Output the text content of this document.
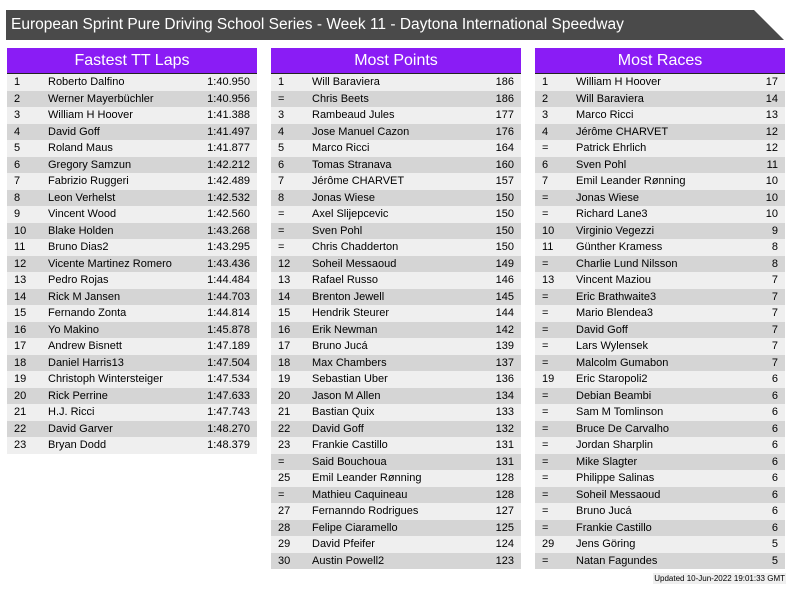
European Sprint Pure Driving School Series - Week 11 - Daytona International Speedway
Fastest TT Laps
1	Roberto Dalfino	1:40.950
2	Werner Mayerbüchler	1:40.956
3	William H Hoover	1:41.388
4	David Goff	1:41.497
5	Roland Maus	1:41.877
6	Gregory Samzun	1:42.212
7	Fabrizio Ruggeri	1:42.489
8	Leon Verhelst	1:42.532
9	Vincent Wood	1:42.560
10 Blake Holden	1:43.268
11 Bruno Dias2	1:43.295
12 Vicente Martinez Romero	1:43.436
13 Pedro Rojas	1:44.484
14 Rick M Jansen	1:44.703
15 Fernando Zonta	1:44.814
16 Yo Makino	1:45.878
17 Andrew Bisnett	1:47.189
18 Daniel Harris13	1:47.504
19 Christoph Wintersteiger	1:47.534
20 Rick Perrine	1:47.633
21 H.J. Ricci	1:47.743
22 David Garver	1:48.270
23 Bryan Dodd	1:48.379
Most Points
1	Will Baraviera	186
=	Chris Beets	186
3	Rambeaud Jules	177
4	Jose Manuel Cazon	176
5	Marco Ricci	164
6	Tomas Stranava	160
7	Jérôme CHARVET	157
8	Jonas Wiese	150
=	Axel Slijepcevic	150
=	Sven Pohl	150
=	Chris Chadderton	150
12 Soheil Messaoud	149
13 Rafael Russo	146
14 Brenton Jewell	145
15 Hendrik Steurer	144
16 Erik Newman	142
17 Bruno Jucá	139
18 Max Chambers	137
19 Sebastian Uber	136
20 Jason M Allen	134
21 Bastian Quix	133
22 David Goff	132
23 Frankie Castillo	131
=	Said Bouchoua	131
25 Emil Leander Rønning	128
=	Mathieu Caquineau	128
27 Fernanndo Rodrigues	127
28 Felipe Ciaramello	125
29 David Pfeifer	124
30 Austin Powell2	123
Most Races
1	William H Hoover	17
2	Will Baraviera	14
3	Marco Ricci	13
4	Jérôme CHARVET	12
=	Patrick Ehrlich	12
6	Sven Pohl	11
7	Emil Leander Rønning	10
=	Jonas Wiese	10
=	Richard Lane3	10
10 Virginio Vegezzi	9
11 Günther Kramess	8
=	Charlie Lund Nilsson	8
13 Vincent Maziou	7
=	Eric Brathwaite3	7
=	Mario Blendea3	7
=	David Goff	7
=	Lars Wylensek	7
=	Malcolm Gumabon	7
19 Eric Staropoli2	6
=	Debian Beambi	6
=	Sam M Tomlinson	6
=	Bruce De Carvalho	6
=	Jordan Sharplin	6
=	Mike Slagter	6
=	Philippe Salinas	6
=	Soheil Messaoud	6
=	Bruno Jucá	6
=	Frankie Castillo	6
29 Jens Göring	5
=	Natan Fagundes	5
Updated 10-Jun-2022 19:01:33 GMT
